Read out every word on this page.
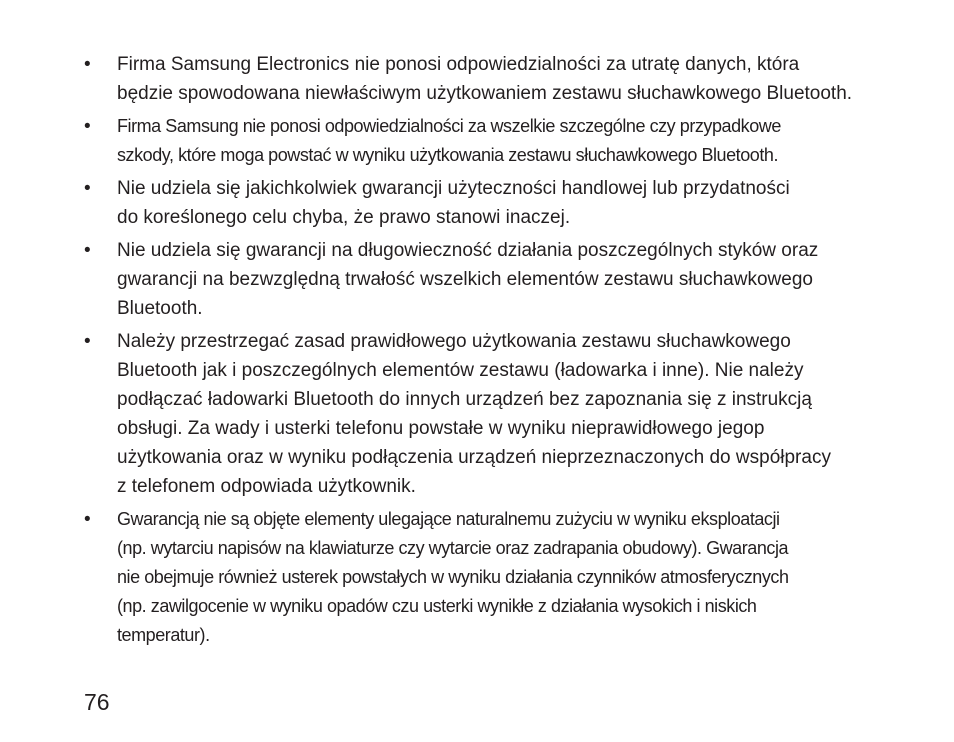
• Firma Samsung Electronics nie ponosi odpowiedzialności za utratę danych, która
będzie spowodowana niewłaściwym użytkowaniem zestawu słuchawkowego Bluetooth.
• Firma Samsung nie ponosi odpowiedzialności za wszelkie szczególne czy przypadkowe
szkody, które moga powstać w wyniku użytkowania zestawu słuchawkowego Bluetooth.
• Nie udziela się jakichkolwiek gwarancji użyteczności handlowej lub przydatności
do koreślonego celu chyba, że prawo stanowi inaczej.
• Nie udziela się gwarancji na długowieczność działania poszczególnych styków oraz
gwarancji na bezwzględną trwałość wszelkich elementów zestawu słuchawkowego
Bluetooth.
• Należy przestrzegać zasad prawidłowego użytkowania zestawu słuchawkowego
Bluetooth jak i poszczególnych elementów zestawu (ładowarka i inne). Nie należy
podłączać ładowarki Bluetooth do innych urządzeń bez zapoznania się z instrukcją
obsługi. Za wady i usterki telefonu powstałe w wyniku nieprawidłowego jegop
użytkowania oraz w wyniku podłączenia urządzeń nieprzeznaczonych do współpracy
z telefonem odpowiada użytkownik.
• Gwarancją nie są objęte elementy ulegające naturalnemu zużyciu w wyniku eksploatacji
(np. wytarciu napisów na klawiaturze czy wytarcie oraz zadrapania obudowy). Gwarancja
nie obejmuje również usterek powstałych w wyniku działania czynników atmosferycznych
(np. zawilgocenie w wyniku opadów czu usterki wynikłe z działania wysokich i niskich
temperatur).
76
